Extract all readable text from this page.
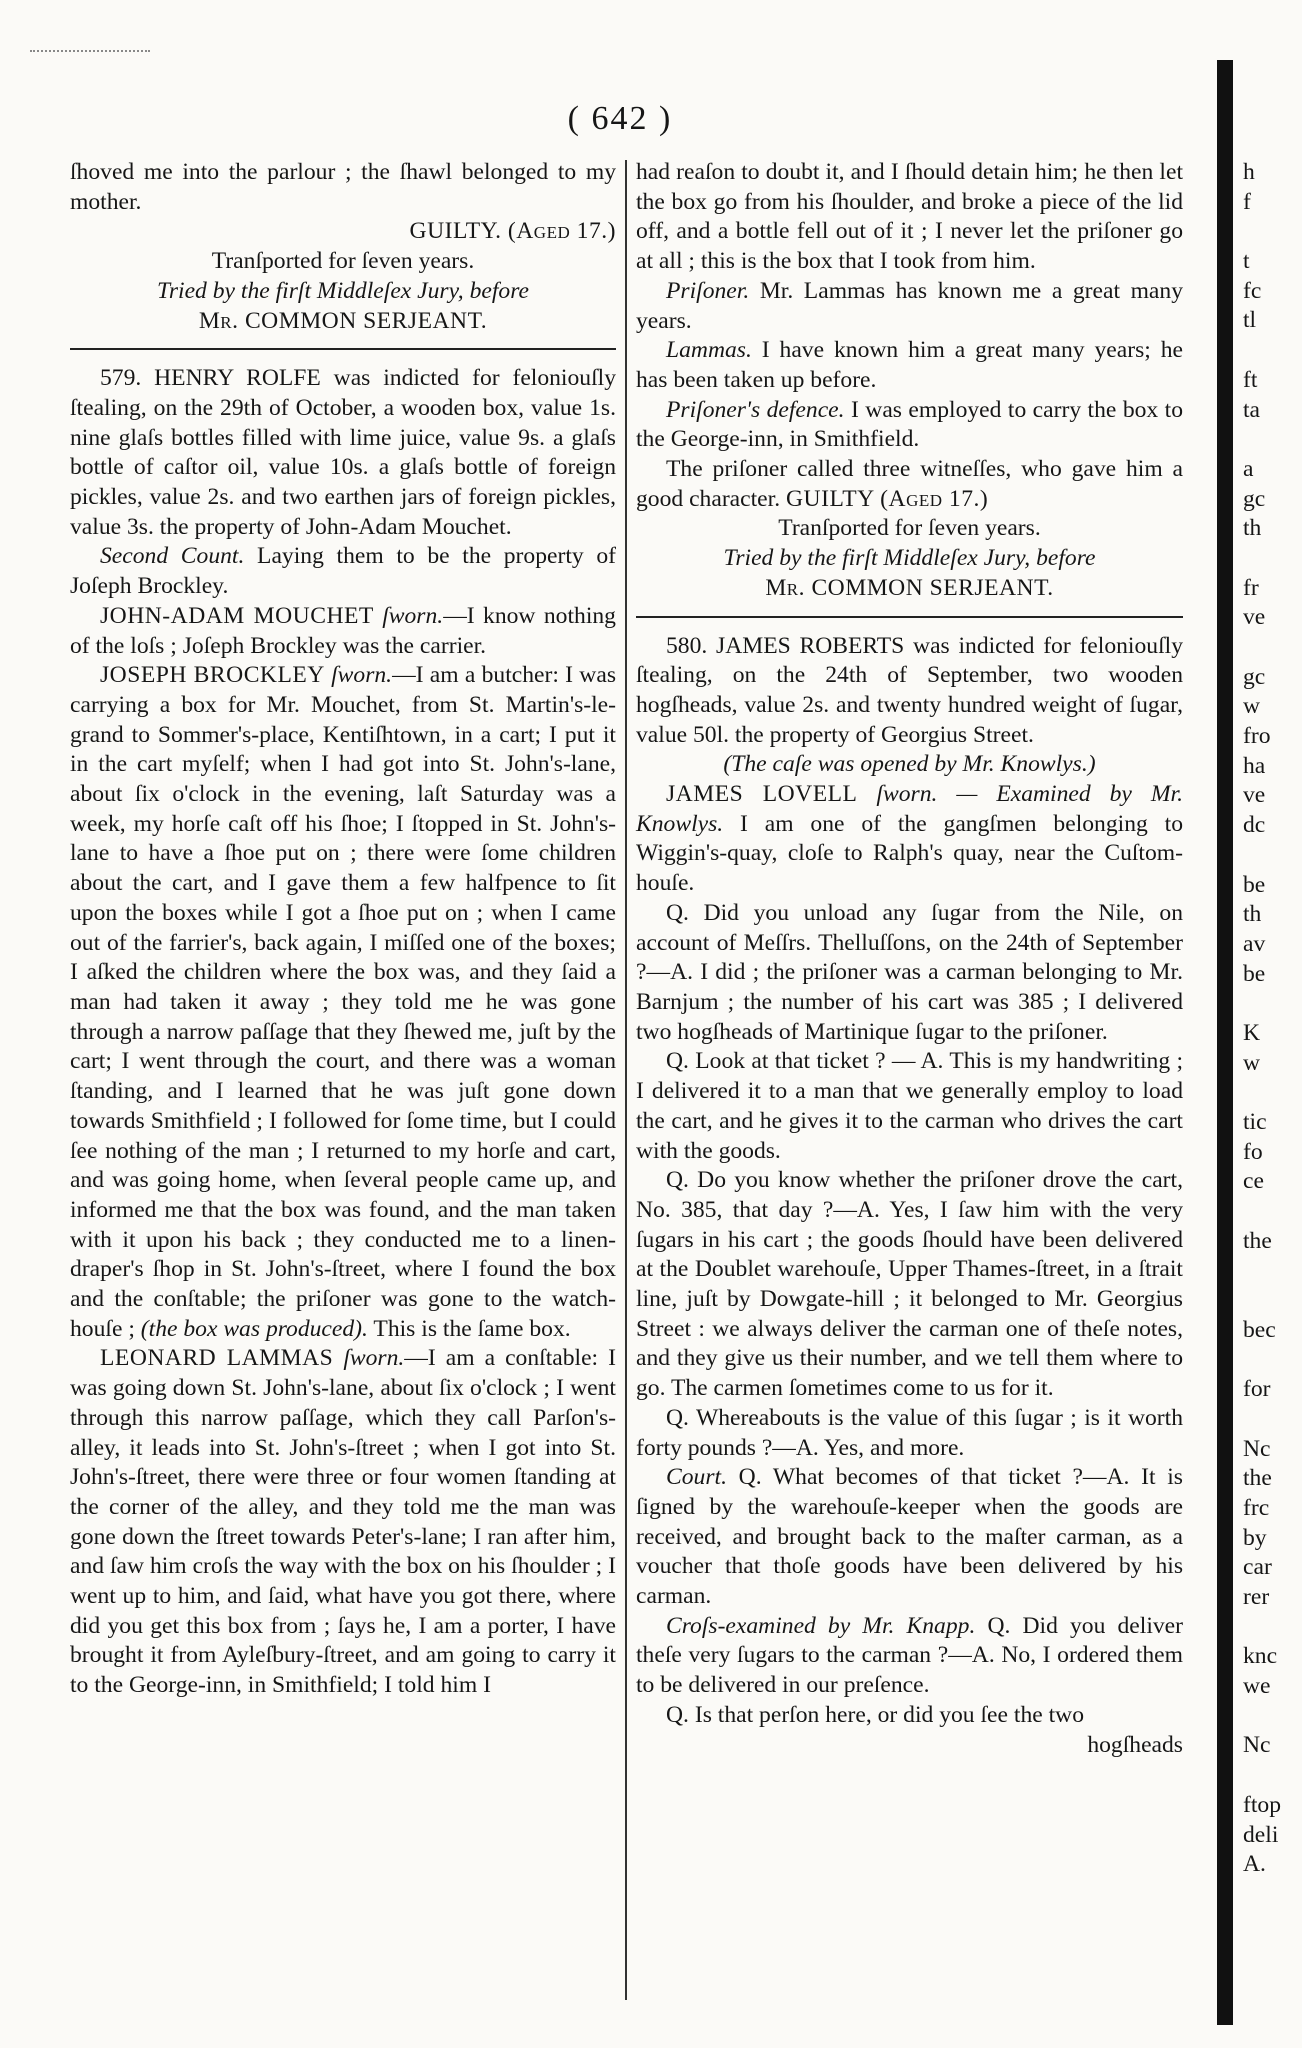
( 642 )

ſhoved me into the parlour ; the ſhawl belonged to my mother.

GUILTY. (Aged 17.)

Tranſported for ſeven years.

Tried by the firſt Middleſex Jury, before

Mr. COMMON SERJEANT.

579. HENRY ROLFE was indicted for feloniouſly ſtealing, on the 29th of October, a wooden box, value 1s. nine glaſs bottles filled with lime juice, value 9s. a glaſs bottle of caſtor oil, value 10s. a glaſs bottle of foreign pickles, value 2s. and two earthen jars of foreign pickles, value 3s. the property of John-Adam Mouchet.

Second Count. Laying them to be the property of Joſeph Brockley.

JOHN-ADAM MOUCHET ſworn.—I know nothing of the loſs ; Joſeph Brockley was the carrier.

JOSEPH BROCKLEY ſworn.—I am a butcher: I was carrying a box for Mr. Mouchet, from St. Martin's-le-grand to Sommer's-place, Kentiſhtown, in a cart; I put it in the cart myſelf; when I had got into St. John's-lane, about ſix o'clock in the evening, laſt Saturday was a week, my horſe caſt off his ſhoe; I ſtopped in St. John's-lane to have a ſhoe put on ; there were ſome children about the cart, and I gave them a few halfpence to ſit upon the boxes while I got a ſhoe put on ; when I came out of the farrier's, back again, I miſſed one of the boxes; I aſked the children where the box was, and they ſaid a man had taken it away ; they told me he was gone through a narrow paſſage that they ſhewed me, juſt by the cart; I went through the court, and there was a woman ſtanding, and I learned that he was juſt gone down towards Smithfield ; I followed for ſome time, but I could ſee nothing of the man ; I returned to my horſe and cart, and was going home, when ſeveral people came up, and informed me that the box was found, and the man taken with it upon his back ; they conducted me to a linen-draper's ſhop in St. John's-ſtreet, where I found the box and the conſtable; the priſoner was gone to the watch-houſe ; (the box was produced). This is the ſame box.

LEONARD LAMMAS ſworn.—I am a conſtable: I was going down St. John's-lane, about ſix o'clock ; I went through this narrow paſſage, which they call Parſon's-alley, it leads into St. John's-ſtreet ; when I got into St. John's-ſtreet, there were three or four women ſtanding at the corner of the alley, and they told me the man was gone down the ſtreet towards Peter's-lane; I ran after him, and ſaw him croſs the way with the box on his ſhoulder ; I went up to him, and ſaid, what have you got there, where did you get this box from ; ſays he, I am a porter, I have brought it from Ayleſbury-ſtreet, and am going to carry it to the George-inn, in Smithfield; I told him I

had reaſon to doubt it, and I ſhould detain him; he then let the box go from his ſhoulder, and broke a piece of the lid off, and a bottle fell out of it ; I never let the priſoner go at all ; this is the box that I took from him.

Priſoner. Mr. Lammas has known me a great many years.

Lammas. I have known him a great many years; he has been taken up before.

Priſoner's defence. I was employed to carry the box to the George-inn, in Smithfield.

The priſoner called three witneſſes, who gave him a good character. GUILTY (Aged 17.)

Tranſported for ſeven years.

Tried by the firſt Middleſex Jury, before

Mr. COMMON SERJEANT.

580. JAMES ROBERTS was indicted for feloniouſly ſtealing, on the 24th of September, two wooden hogſheads, value 2s. and twenty hundred weight of ſugar, value 50l. the property of Georgius Street.

(The caſe was opened by Mr. Knowlys.)

JAMES LOVELL ſworn. — Examined by Mr. Knowlys. I am one of the gangſmen belonging to Wiggin's-quay, cloſe to Ralph's quay, near the Cuſtom-houſe.

Q. Did you unload any ſugar from the Nile, on account of Meſſrs. Thelluſſons, on the 24th of September ?—A. I did ; the priſoner was a carman belonging to Mr. Barnjum ; the number of his cart was 385 ; I delivered two hogſheads of Martinique ſugar to the priſoner.

Q. Look at that ticket ? — A. This is my handwriting ; I delivered it to a man that we generally employ to load the cart, and he gives it to the carman who drives the cart with the goods.

Q. Do you know whether the priſoner drove the cart, No. 385, that day ?—A. Yes, I ſaw him with the very ſugars in his cart ; the goods ſhould have been delivered at the Doublet warehouſe, Upper Thames-ſtreet, in a ſtrait line, juſt by Dowgate-hill ; it belonged to Mr. Georgius Street : we always deliver the carman one of theſe notes, and they give us their number, and we tell them where to go. The carmen ſometimes come to us for it.

Q. Whereabouts is the value of this ſugar ; is it worth forty pounds ?—A. Yes, and more.

Court. Q. What becomes of that ticket ?—A. It is ſigned by the warehouſe-keeper when the goods are received, and brought back to the maſter carman, as a voucher that thoſe goods have been delivered by his carman.

Croſs-examined by Mr. Knapp. Q. Did you deliver theſe very ſugars to the carman ?—A. No, I ordered them to be delivered in our preſence.

Q. Is that perſon here, or did you ſee the two

hogſheads

h
f
t
fc
tl
ft
ta
a
gc
th
fr
ve
gc
w
fro
ha
ve
dc
be
th
av
be
K
w
tic
fo
ce
the
bec
for
Nc
the
frc
by
car
rer
knc
we
Nc
ftop
deli
A.
